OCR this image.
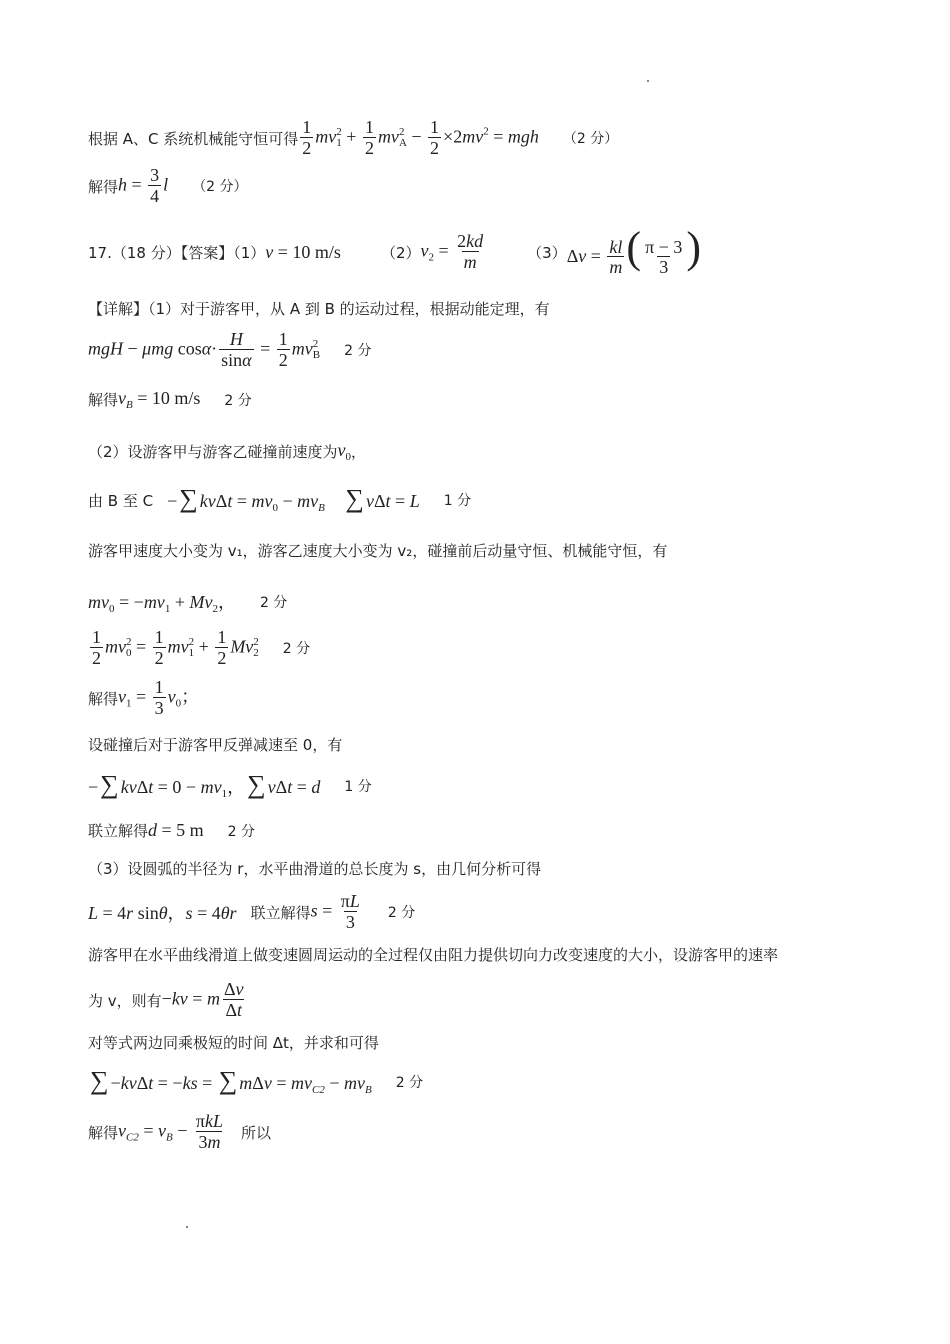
根据 A、C 系统机械能守恒可得 $\frac{1}{2}$ mv 2
$1 + \frac{1}{2}$ mv 2
$A - \frac{1}{2} \times 2mv^2$ = mgh （2 分）
解得 $h = \frac{3}{4}$ l （2 分）
17.（18 分）【答案】（1） v = 10 m/s	（2） $v_2 = \frac{2kd}{m}$	（3） $\Delta v = \frac{kl}{m}$ ( $\frac{\pi - 3}{3}$ )
【详解】（1）对于游客甲，从 A 到 B 的运动过程，根据动能定理，有
mgH − μmg $\cos\alpha\cdot \frac{H}{\sin\alpha} = \frac{1}{2}$ mv 2
B 2 分
解得 $v_B = 10$ m/s 2 分
（2）设游客甲与游客乙碰撞前速度为 $v_0$ ，
由 B 至 C −∑ $kv\Delta t = mv_0 - mv_B$ ∑ vΔt = L 1 分
游客甲速度大小变为 v₁，游客乙速度大小变为 v₂，碰撞前后动量守恒、机械能守恒，有
$mv_0 = -mv_1 + Mv_2$， 2 分
$\frac{1}{2}$ mv 2
$0 = \frac{1}{2}$ mv 2
$1 + \frac{1}{2}$ Mv 2
2 2 分
解得 $v_1 = \frac{1}{3} v_0$；
设碰撞后对于游客甲反弹减速至 0，有
−∑ $kv\Delta t = 0 - mv_1$，∑ vΔt = d 1 分
联立解得 d = 5 m 2 分
（3）设圆弧的半径为 r，水平曲滑道的总长度为 s，由几何分析可得
L = 4r sinθ，s = 4θr 联立解得 $s = \frac{\pi L}{3} 2$ 分
游客甲在水平曲线滑道上做变速圆周运动的全过程仅由阻力提供切向力改变速度的大小，设游客甲的速率
为 v，则有 −kv = m $\frac{\Delta v}{\Delta t}$
对等式两边同乘极短的时间 Δt，并求和可得
∑ −kvΔt = −ks = ∑ $m\Delta v = mv_{C2} - mv_B$ 2 分
解得 $v_{C2} = v_B - \frac{\text{πkL}}{3m}$ 所以
